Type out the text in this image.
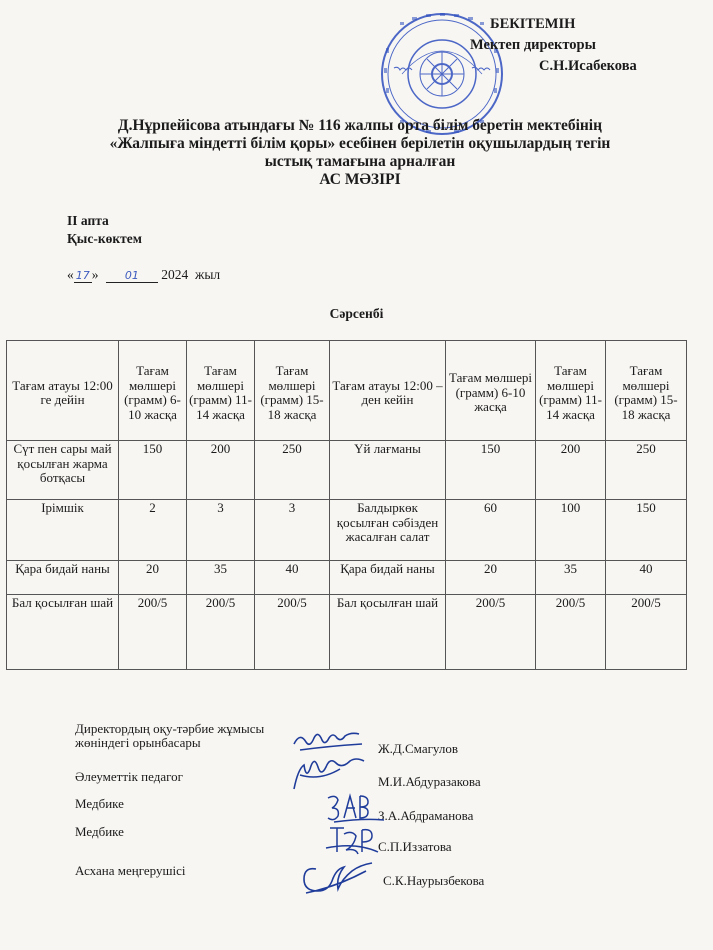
БЕКІТЕМІН
Мектеп директоры
С.Н.Исабекова
Д.Нұрпейісова атындағы № 116 жалпы орта білім беретін мектебінің
«Жалпыға міндетті білім қоры» есебінен берілетін оқушылардың тегін
ыстық тамағына арналған
АС МӘЗІРІ
ІІ апта
Қыс-көктем
« 17 » 01 2024 жыл
Сәрсенбі
Тағам атауы 12:00 ге дейін	Тағам мөлшері (грамм) 6-10 жасқа	Тағам мөлшері (грамм) 11-14 жасқа	Тағам мөлшері (грамм) 15-18 жасқа	Тағам атауы 12:00 – ден кейін	Тағам мөлшері (грамм) 6-10 жасқа	Тағам мөлшері (грамм) 11-14 жасқа	Тағам мөлшері (грамм) 15-18 жасқа
Сүт пен сары май қосылған жарма ботқасы	150	200	250	Үй лағманы	150	200	250
Ірімшік	2	3	3	Балдыркөк қосылған сәбізден жасалған салат	60	100	150
Қара бидай наны	20	35	40	Қара бидай наны	20	35	40
Бал қосылған шай	200/5	200/5	200/5	Бал қосылған шай	200/5	200/5	200/5
Директордың оқу-тәрбие жұмысы жөніндегі орынбасары	Ж.Д.Смагулов
Әлеуметтік педагог	М.И.Абдуразакова
Медбике
З.А.Абдраманова
Медбике
С.П.Иззатова
Асхана меңгерушісі
С.К.Наурызбекова
